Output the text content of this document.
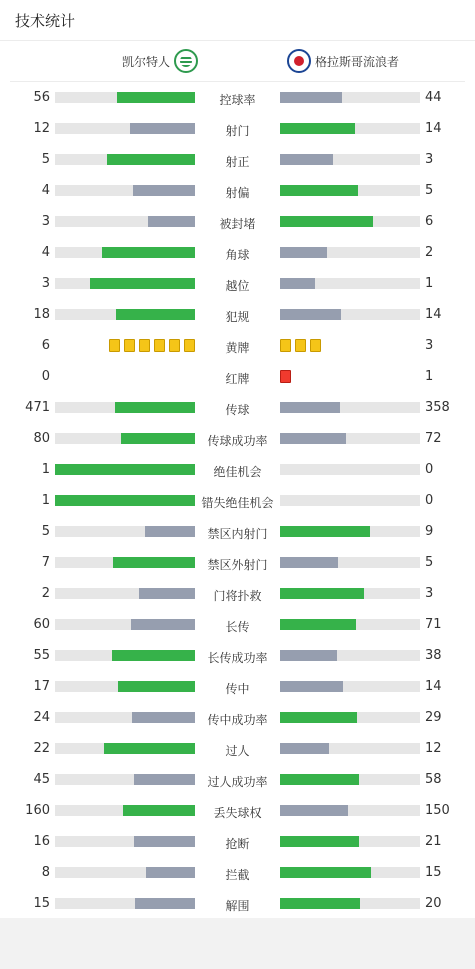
技术统计
凯尔特人	格拉斯哥流浪者
56	控球率	44
12	射门	14
5	射正	3
4	射偏	5
3	被封堵	6
4	角球	2
3	越位	1
18	犯规	14
6	黄牌	3
0	红牌	1
471	传球	358
80	传球成功率	72
1	绝佳机会	0
1	错失绝佳机会	0
5	禁区内射门	9
7	禁区外射门	5
2	门将扑救	3
60	长传	71
55	长传成功率	38
17	传中	14
24	传中成功率	29
22	过人	12
45	过人成功率	58
160	丢失球权	150
16	抢断	21
8	拦截	15
15	解围	20
